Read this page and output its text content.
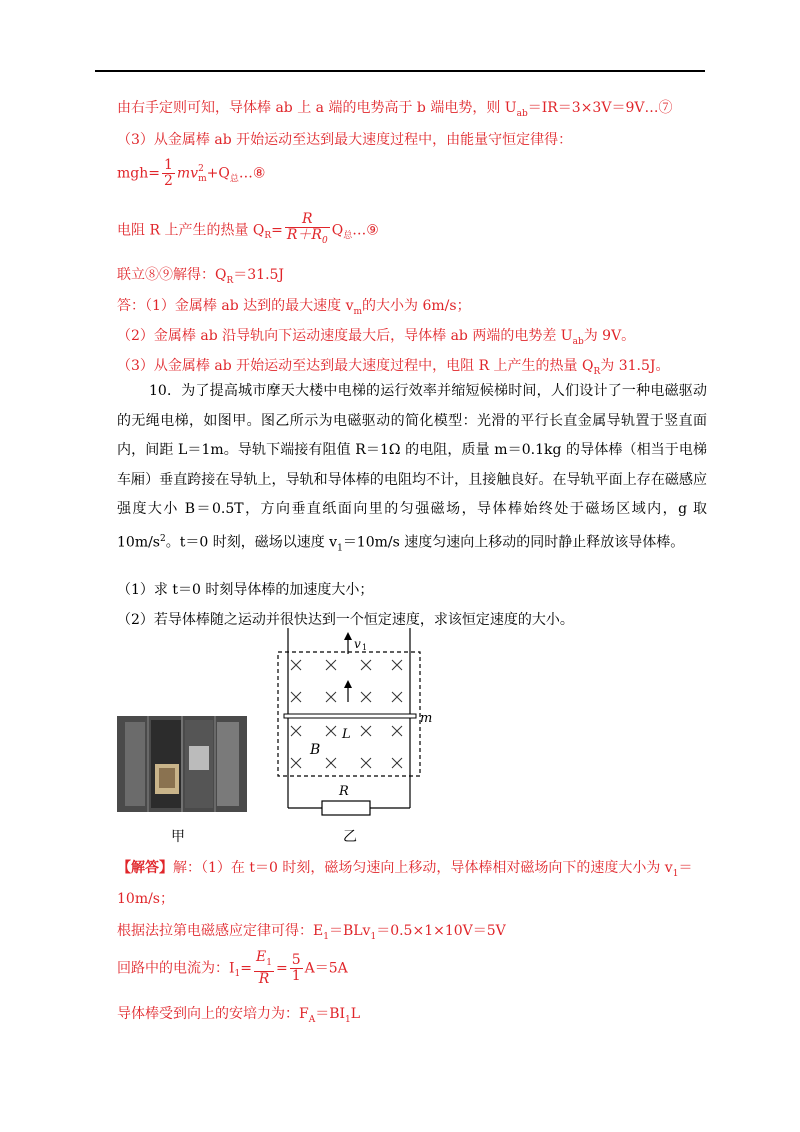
由右手定则可知，导体棒 ab 上 a 端的电势高于 b 端电势，则 $U_{ab}=IR=3\times 3V=9V\dots ⑦$
（3）从金属棒 ab 开始运动至达到最大速度过程中，由能量守恒定律得：
$mgh= \frac{1}{2}$ mv 2
$m +Q_总\dots ⑧$
电阻 R 上产生的热量 $Q_R= \frac{R}{R+R_0}$ $Q_总\dots ⑨$
联立⑧⑨解得：$Q_R=31.5J$
答：（1）金属棒 ab 达到的最大速度 $v_m$的大小为 6m/s；
（2）金属棒 ab 沿导轨向下运动速度最大后，导体棒 ab 两端的电势差 $U_{ab}$为 9V。
（3）从金属棒 ab 开始运动至达到最大速度过程中，电阻 R 上产生的热量 $Q_R$为 31.5J。
10．为了提高城市摩天大楼中电梯的运行效率并缩短候梯时间，人们设计了一种电磁驱动的无绳电梯，如图甲。图乙所示为电磁驱动的简化模型：光滑的平行长直金属导轨置于竖直面内，间距 L＝1m。导轨下端接有阻值 R＝1Ω 的电阻，质量 m＝0.1kg 的导体棒（相当于电梯车厢）垂直跨接在导轨上，导轨和导体棒的电阻均不计，且接触良好。在导轨平面上存在磁感应强度大小 B＝0.5T，方向垂直纸面向里的匀强磁场，导体棒始终处于磁场区域内，g 取 $10m/s^2$。t＝0 时刻，磁场以速度 $v_1=10m/s$ 速度匀速向上移动的同时静止释放该导体棒。
（1）求 t＝0 时刻导体棒的加速度大小；
（2）若导体棒随之运动并很快达到一个恒定速度，求该恒定速度的大小。
甲
v 1
m
L
B
R
乙
【解答】解：（1）在 t＝0 时刻，磁场匀速向上移动，导体棒相对磁场向下的速度大小为 $v_1=$
10m/s；
根据法拉第电磁感应定律可得：$E_1=BLv_1=0.5\times 1\times 10V=5V$
回路中的电流为：$I_1= \frac{E_1}{R} = \frac{5}{1} A=5A$
导体棒受到向上的安培力为：$F_A=BI_1L$
